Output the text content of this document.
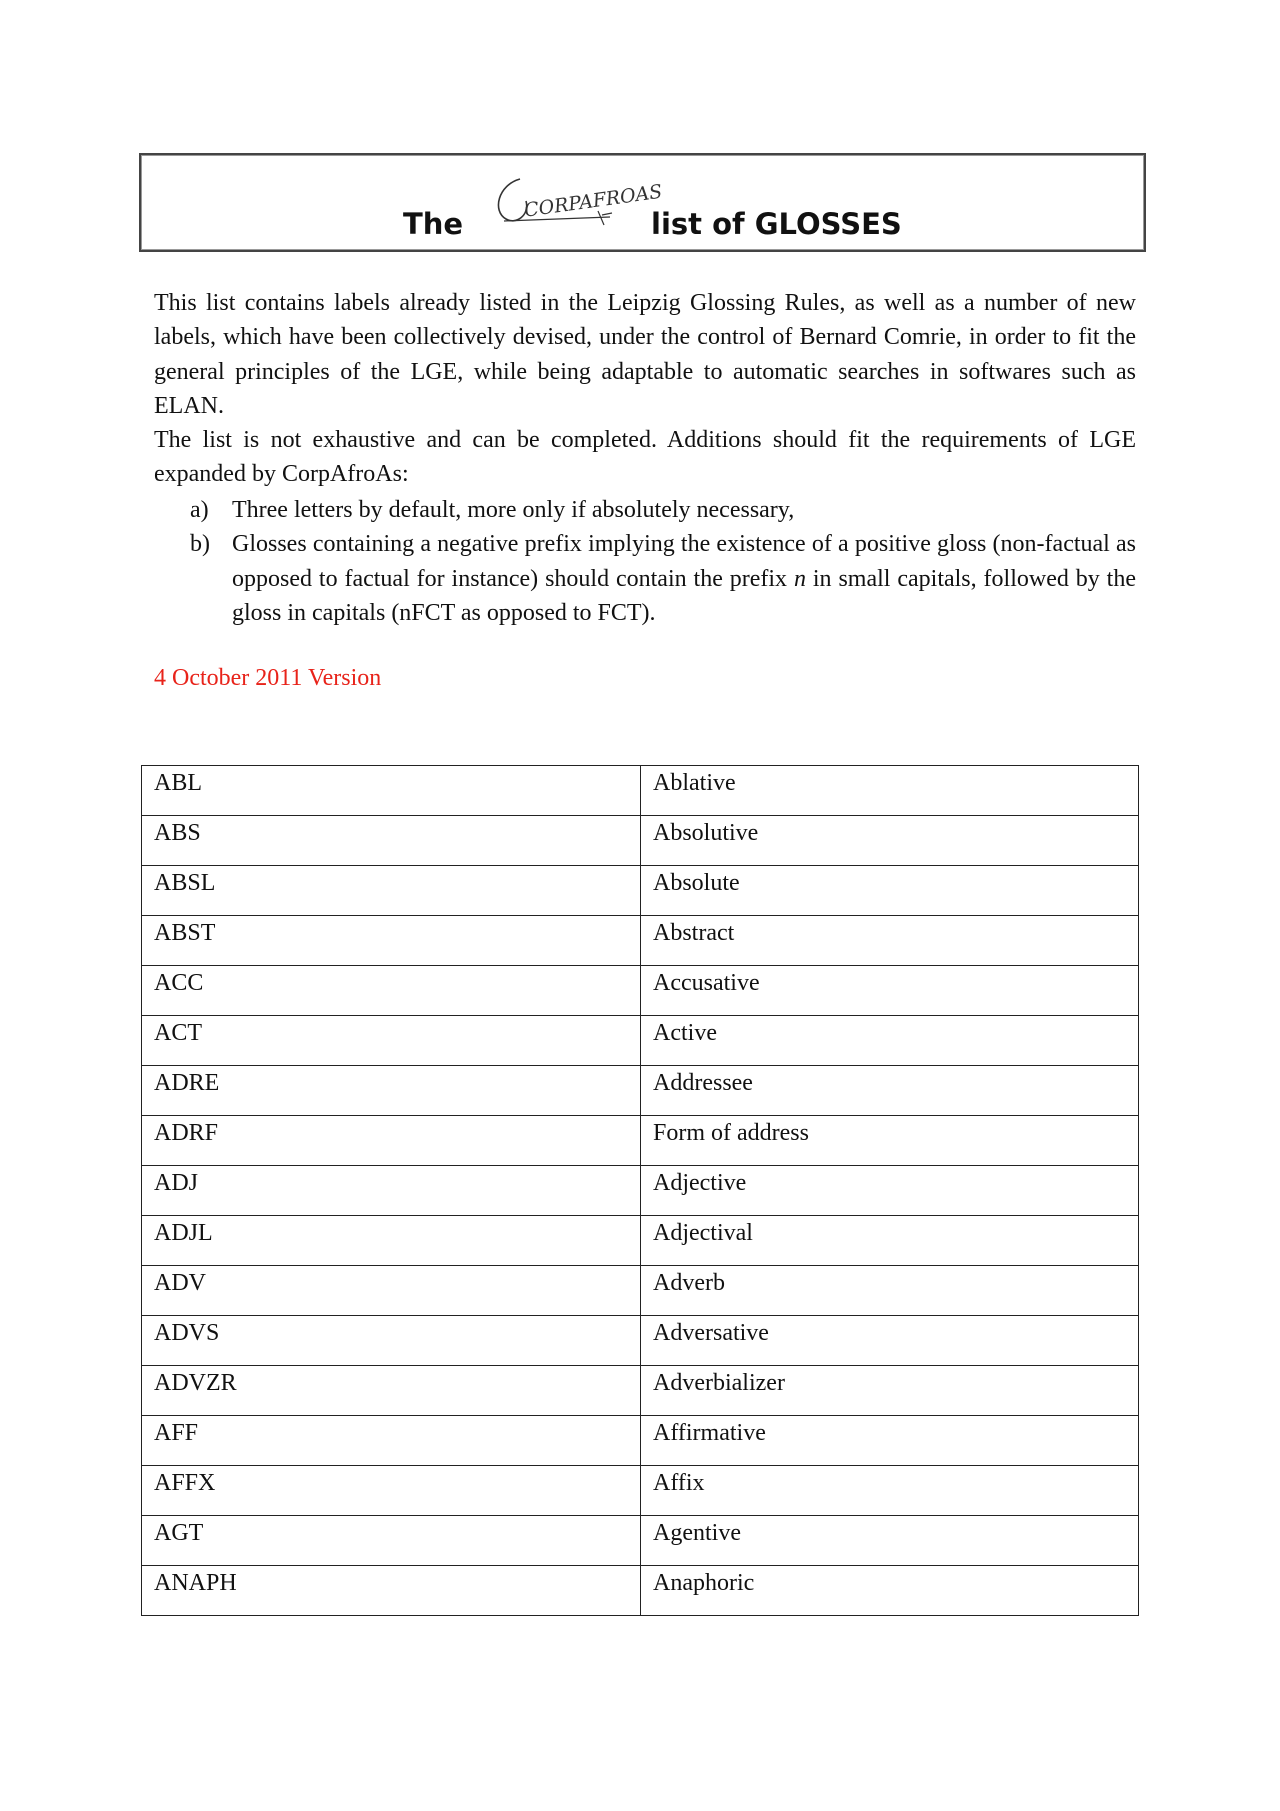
The
CORPAFROAS
list of GLOSSES

This list contains labels already listed in the Leipzig Glossing Rules, as well as a number of new labels, which have been collectively devised, under the control of Bernard Comrie, in order to fit the general principles of the LGE, while being adaptable to automatic searches in softwares such as ELAN.

The list is not exhaustive and can be completed. Additions should fit the requirements of LGE expanded by CorpAfroAs:

a) Three letters by default, more only if absolutely necessary,
b) Glosses containing a negative prefix implying the existence of a positive gloss (non-factual as opposed to factual for instance) should contain the prefix n in small capitals, followed by the gloss in capitals (nFCT as opposed to FCT).
4 October 2011 Version
ABL	Ablative
ABS	Absolutive
ABSL	Absolute
ABST	Abstract
ACC	Accusative
ACT	Active
ADRE	Addressee
ADRF	Form of address
ADJ	Adjective
ADJL	Adjectival
ADV	Adverb
ADVS	Adversative
ADVZR	Adverbializer
AFF	Affirmative
AFFX	Affix
AGT	Agentive
ANAPH	Anaphoric
